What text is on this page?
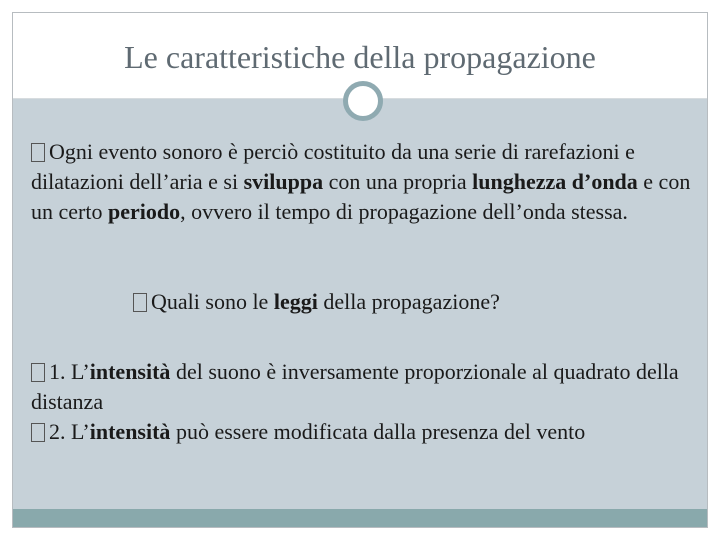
Le caratteristiche della propagazione

Ogni evento sonoro è perciò costituito da una serie di rarefazioni e dilatazioni dell’aria e si sviluppa con una propria lunghezza d’onda e con un certo periodo, ovvero il tempo di propagazione dell’onda stessa.

Quali sono le leggi della propagazione?

1. L’intensità del suono è inversamente proporzionale al quadrato della distanza

2. L’intensità può essere modificata dalla presenza del vento
